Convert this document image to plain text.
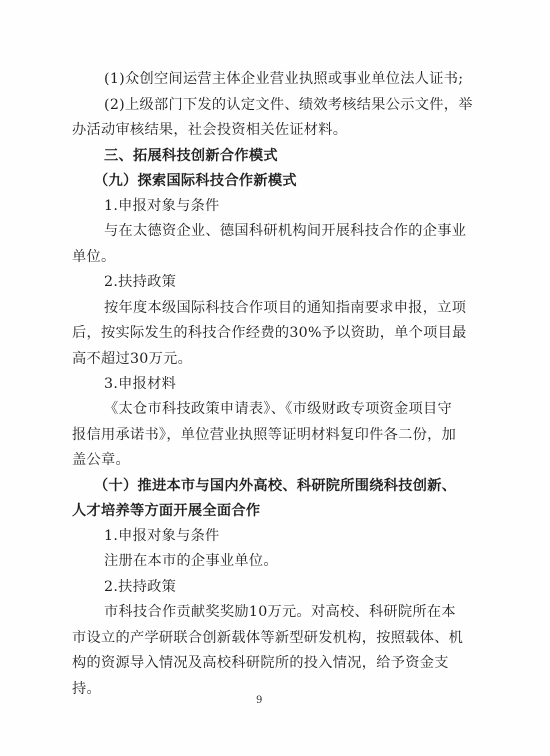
(1)众创空间运营主体企业营业执照或事业单位法人证书;
(2)上级部门下发的认定文件、绩效考核结果公示文件，举
办活动审核结果，社会投资相关佐证材料。
三、拓展科技创新合作模式
（九）探索国际科技合作新模式
1.申报对象与条件
与在太德资企业、德国科研机构间开展科技合作的企事业
单位。
2.扶持政策
按年度本级国际科技合作项目的通知指南要求申报，立项
后，按实际发生的科技合作经费的30%予以资助，单个项目最
高不超过30万元。
3.申报材料
《太仓市科技政策申请表》、《市级财政专项资金项目守
报信用承诺书》，单位营业执照等证明材料复印件各二份，加
盖公章。
（十）推进本市与国内外高校、科研院所围绕科技创新、
人才培养等方面开展全面合作
1.申报对象与条件
注册在本市的企事业单位。
2.扶持政策
市科技合作贡献奖奖励10万元。对高校、科研院所在本
市设立的产学研联合创新载体等新型研发机构，按照载体、机
构的资源导入情况及高校科研院所的投入情况，给予资金支
持。
9
